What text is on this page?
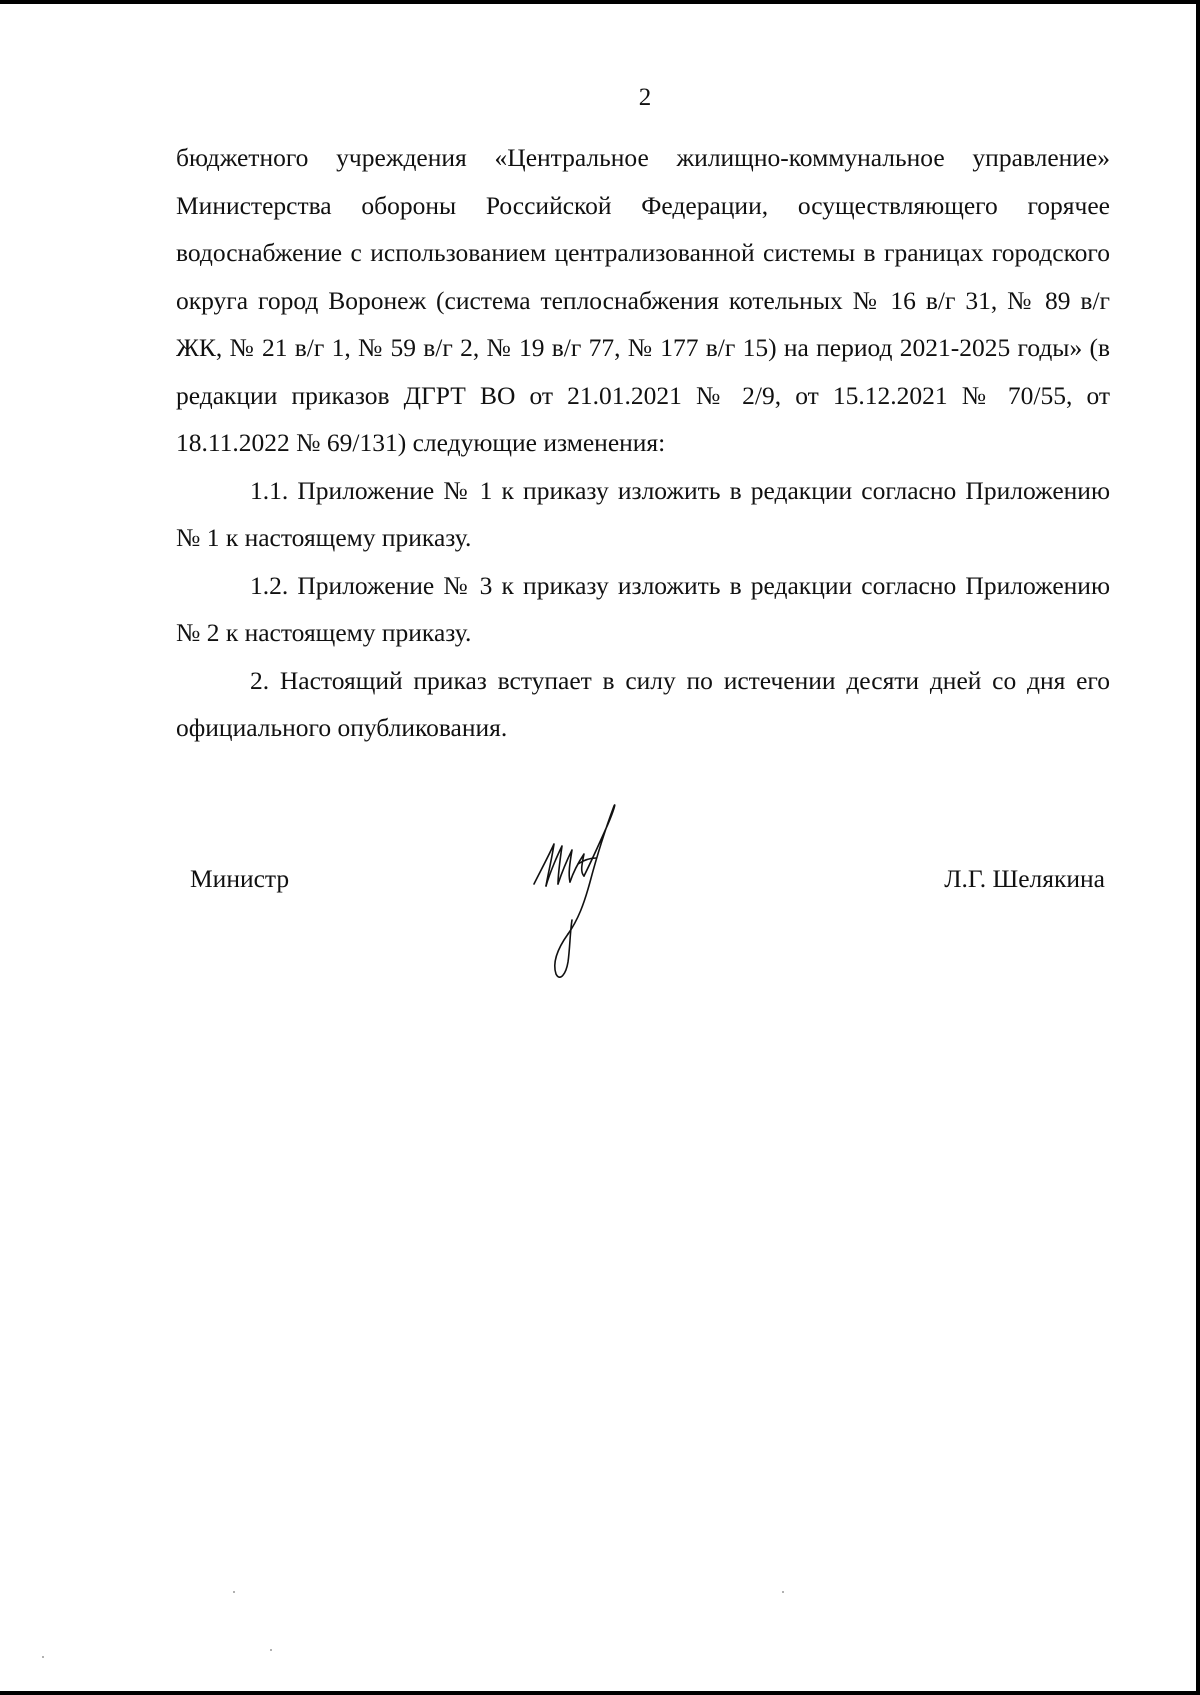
2

бюджетного учреждения «Центральное жилищно-коммунальное управление» Министерства обороны Российской Федерации, осуществляющего горячее водоснабжение с использованием централизованной системы в границах городского округа город Воронеж (система теплоснабжения котельных № 16 в/г 31, № 89 в/г ЖК, № 21 в/г 1, № 59 в/г 2, № 19 в/г 77, № 177 в/г 15) на период 2021-2025 годы» (в редакции приказов ДГРТ ВО от 21.01.2021 № 2/9, от 15.12.2021 № 70/55, от 18.11.2022 № 69/131) следующие изменения:

1.1. Приложение № 1 к приказу изложить в редакции согласно Приложению № 1 к настоящему приказу.

1.2. Приложение № 3 к приказу изложить в редакции согласно Приложению № 2 к настоящему приказу.

2. Настоящий приказ вступает в силу по истечении десяти дней со дня его официального опубликования.

Министр	Л.Г. Шелякина
